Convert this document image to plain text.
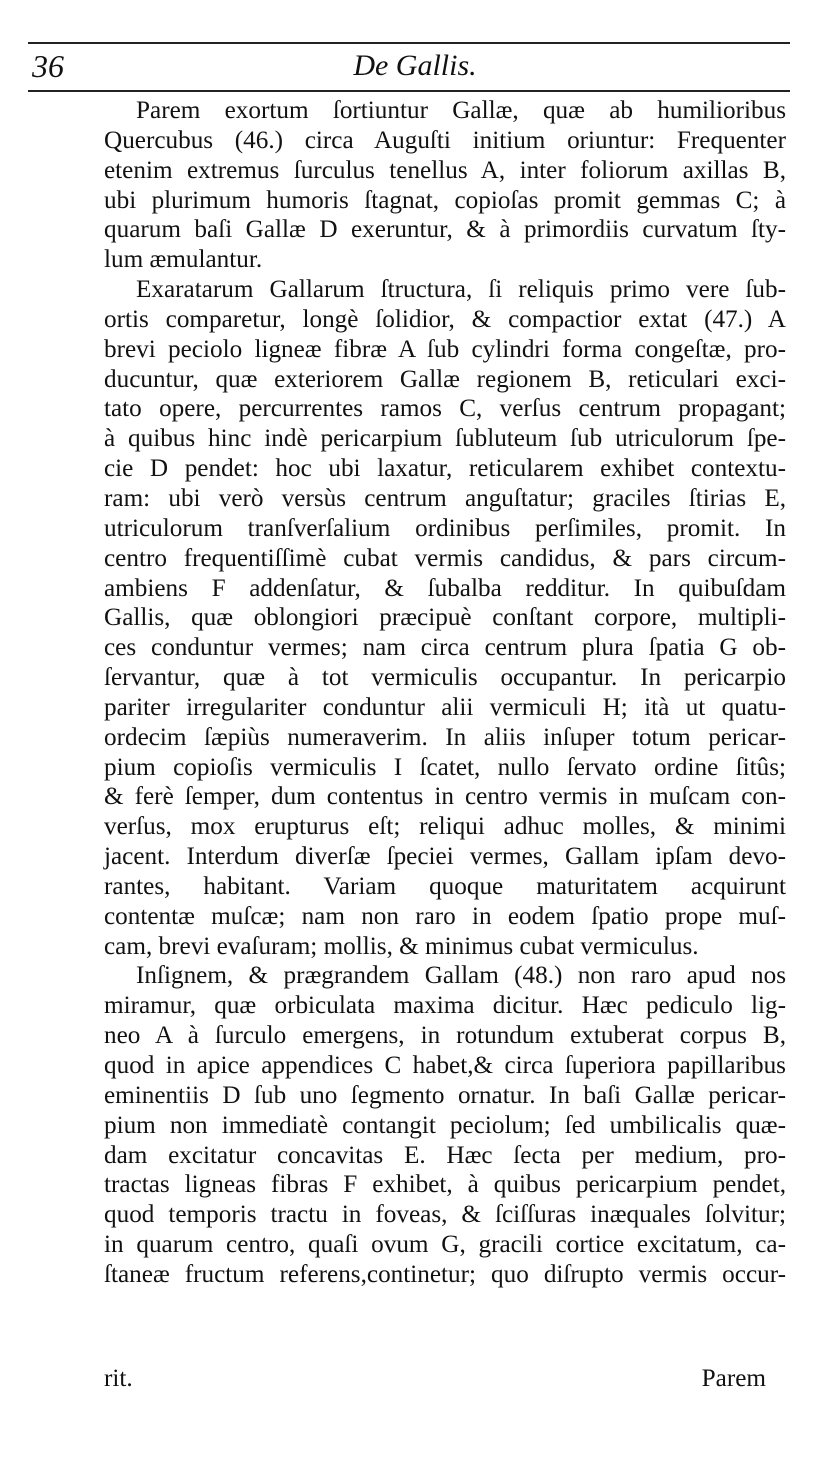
36	De Gallis.

Parem exortum ſortiuntur Gallæ, quæ ab humilioribus
Quercubus (46.) circa Auguſti initium oriuntur: Frequenter
etenim extremus ſurculus tenellus A, inter foliorum axillas B,
ubi plurimum humoris ſtagnat, copioſas promit gemmas C; à
quarum baſi Gallæ D exeruntur, & à primordiis curvatum ſty-
lum æmulantur.

Exaratarum Gallarum ſtructura, ſi reliquis primo vere ſub-
ortis comparetur, longè ſolidior, & compactior extat (47.) A
brevi peciolo ligneæ fibræ A ſub cylindri forma congeſtæ, pro-
ducuntur, quæ exteriorem Gallæ regionem B, reticulari exci-
tato opere, percurrentes ramos C, verſus centrum propagant;
à quibus hinc indè pericarpium ſubluteum ſub utriculorum ſpe-
cie D pendet: hoc ubi laxatur, reticularem exhibet contextu-
ram: ubi verò versùs centrum anguſtatur; graciles ſtirias E,
utriculorum tranſverſalium ordinibus perſimiles, promit. In
centro frequentiſſimè cubat vermis candidus, & pars circum-
ambiens F addenſatur, & ſubalba redditur. In quibuſdam
Gallis, quæ oblongiori præcipuè conſtant corpore, multipli-
ces conduntur vermes; nam circa centrum plura ſpatia G ob-
ſervantur, quæ à tot vermiculis occupantur. In pericarpio
pariter irregulariter conduntur alii vermiculi H; ità ut quatu-
ordecim ſæpiùs numeraverim. In aliis inſuper totum pericar-
pium copioſis vermiculis I ſcatet, nullo ſervato ordine ſitûs;
& ferè ſemper, dum contentus in centro vermis in muſcam con-
verſus, mox erupturus eſt; reliqui adhuc molles, & minimi
jacent. Interdum diverſæ ſpeciei vermes, Gallam ipſam devo-
rantes, habitant. Variam quoque maturitatem acquirunt
contentæ muſcæ; nam non raro in eodem ſpatio prope muſ-
cam, brevi evaſuram; mollis, & minimus cubat vermiculus.

Inſignem, & prægrandem Gallam (48.) non raro apud nos
miramur, quæ orbiculata maxima dicitur. Hæc pediculo lig-
neo A à ſurculo emergens, in rotundum extuberat corpus B,
quod in apice appendices C habet,& circa ſuperiora papillaribus
eminentiis D ſub uno ſegmento ornatur. In baſi Gallæ pericar-
pium non immediatè contangit peciolum; ſed umbilicalis quæ-
dam excitatur concavitas E. Hæc ſecta per medium, pro-
tractas ligneas fibras F exhibet, à quibus pericarpium pendet,
quod temporis tractu in foveas, & ſciſſuras inæquales ſolvitur;
in quarum centro, quaſi ovum G, gracili cortice excitatum, ca-
ſtaneæ fructum referens,continetur; quo diſrupto vermis occur-

rit.	Parem
